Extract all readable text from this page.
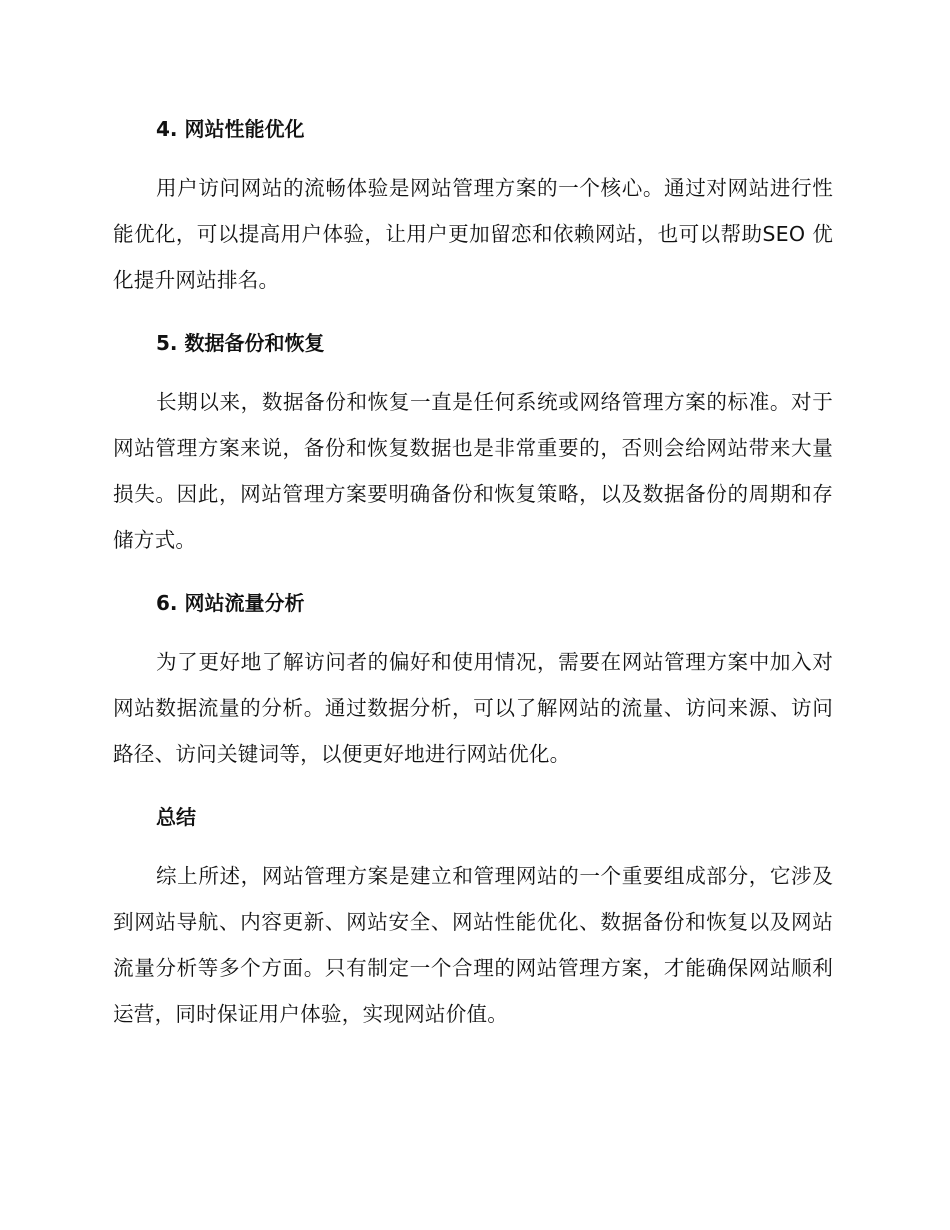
4. 网站性能优化

用户访问网站的流畅体验是网站管理方案的一个核心。通过对网站进行性能优化，可以提高用户体验，让用户更加留恋和依赖网站，也可以帮助SEO 优化提升网站排名。

5. 数据备份和恢复

长期以来，数据备份和恢复一直是任何系统或网络管理方案的标准。对于网站管理方案来说，备份和恢复数据也是非常重要的，否则会给网站带来大量损失。因此，网站管理方案要明确备份和恢复策略，以及数据备份的周期和存储方式。

6. 网站流量分析

为了更好地了解访问者的偏好和使用情况，需要在网站管理方案中加入对网站数据流量的分析。通过数据分析，可以了解网站的流量、访问来源、访问路径、访问关键词等，以便更好地进行网站优化。

总结

综上所述，网站管理方案是建立和管理网站的一个重要组成部分，它涉及到网站导航、内容更新、网站安全、网站性能优化、数据备份和恢复以及网站流量分析等多个方面。只有制定一个合理的网站管理方案，才能确保网站顺利运营，同时保证用户体验，实现网站价值。
